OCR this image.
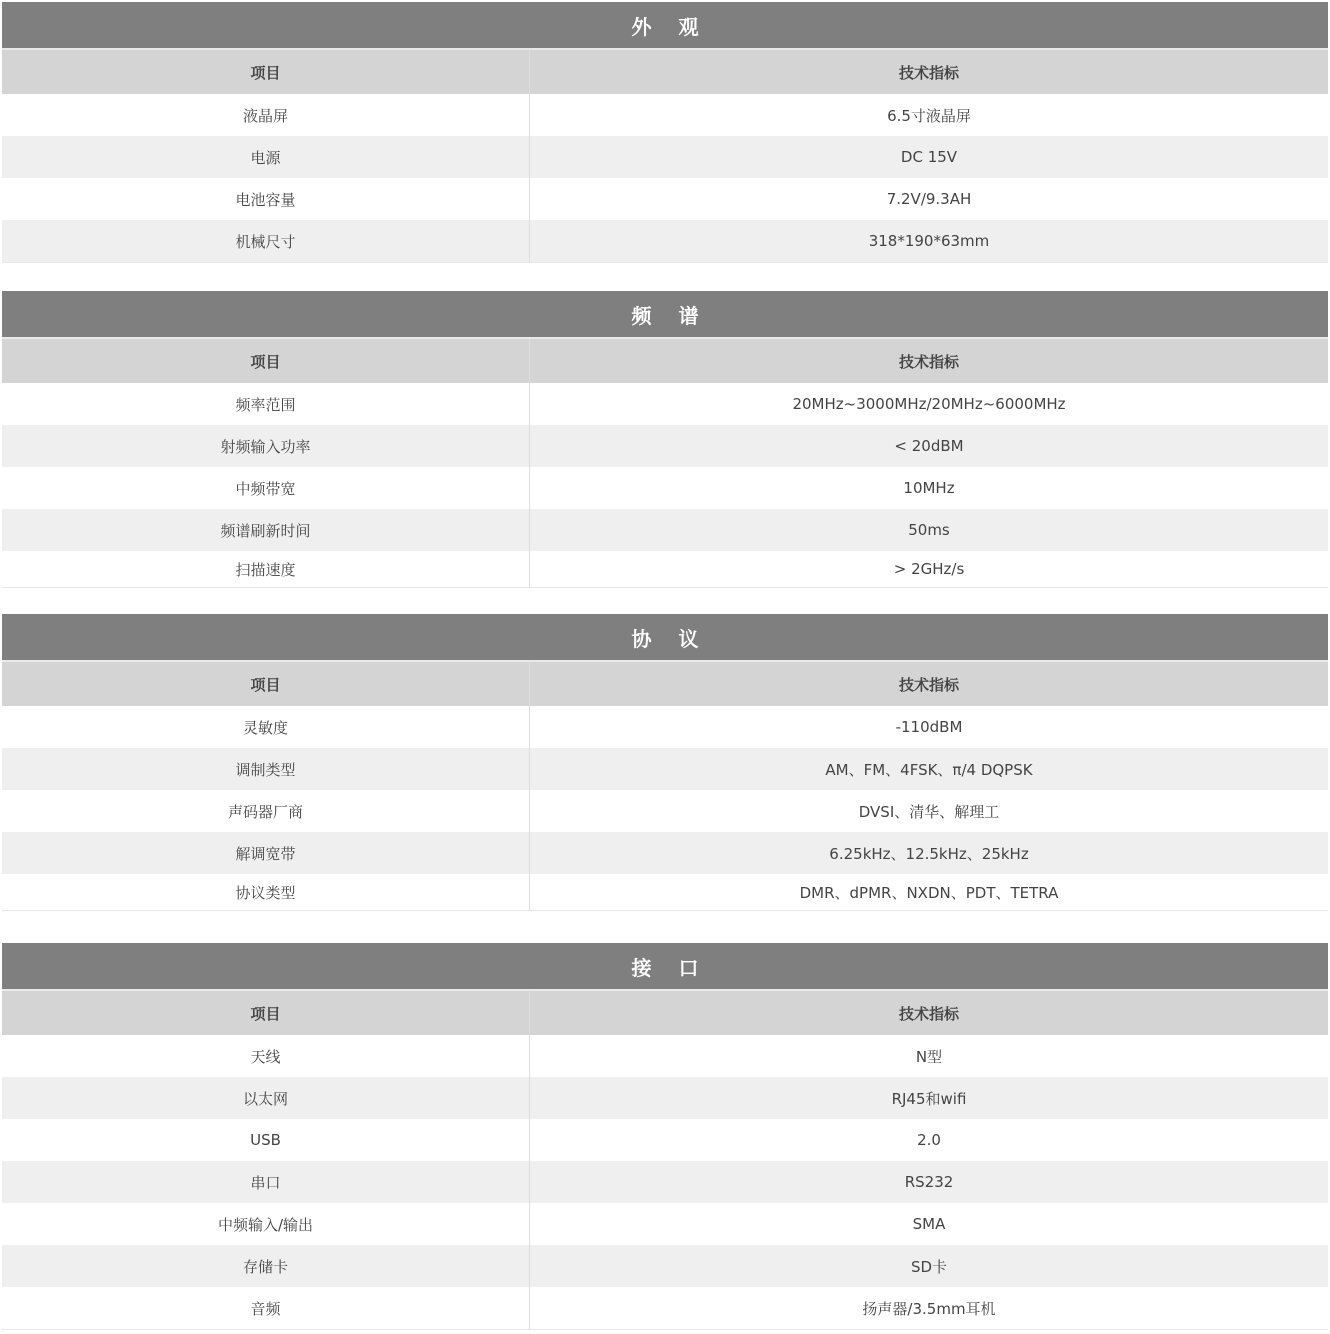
外 观
项目	技术指标
液晶屏	6.5寸液晶屏
电源	DC 15V
电池容量	7.2V/9.3AH
机械尺寸	318*190*63mm
频 谱
项目	技术指标
频率范围	20MHz~3000MHz/20MHz~6000MHz
射频输入功率	< 20dBM
中频带宽	10MHz
频谱刷新时间	50ms
扫描速度	> 2GHz/s
协 议
项目	技术指标
灵敏度	-110dBM
调制类型	AM、FM、4FSK、π/4 DQPSK
声码器厂商	DVSI、清华、解理工
解调宽带	6.25kHz、12.5kHz、25kHz
协议类型	DMR、dPMR、NXDN、PDT、TETRA
接 口
项目	技术指标
天线	N型
以太网	RJ45和wifi
USB	2.0
串口	RS232
中频输入/输出	SMA
存储卡	SD卡
音频	扬声器/3.5mm耳机
